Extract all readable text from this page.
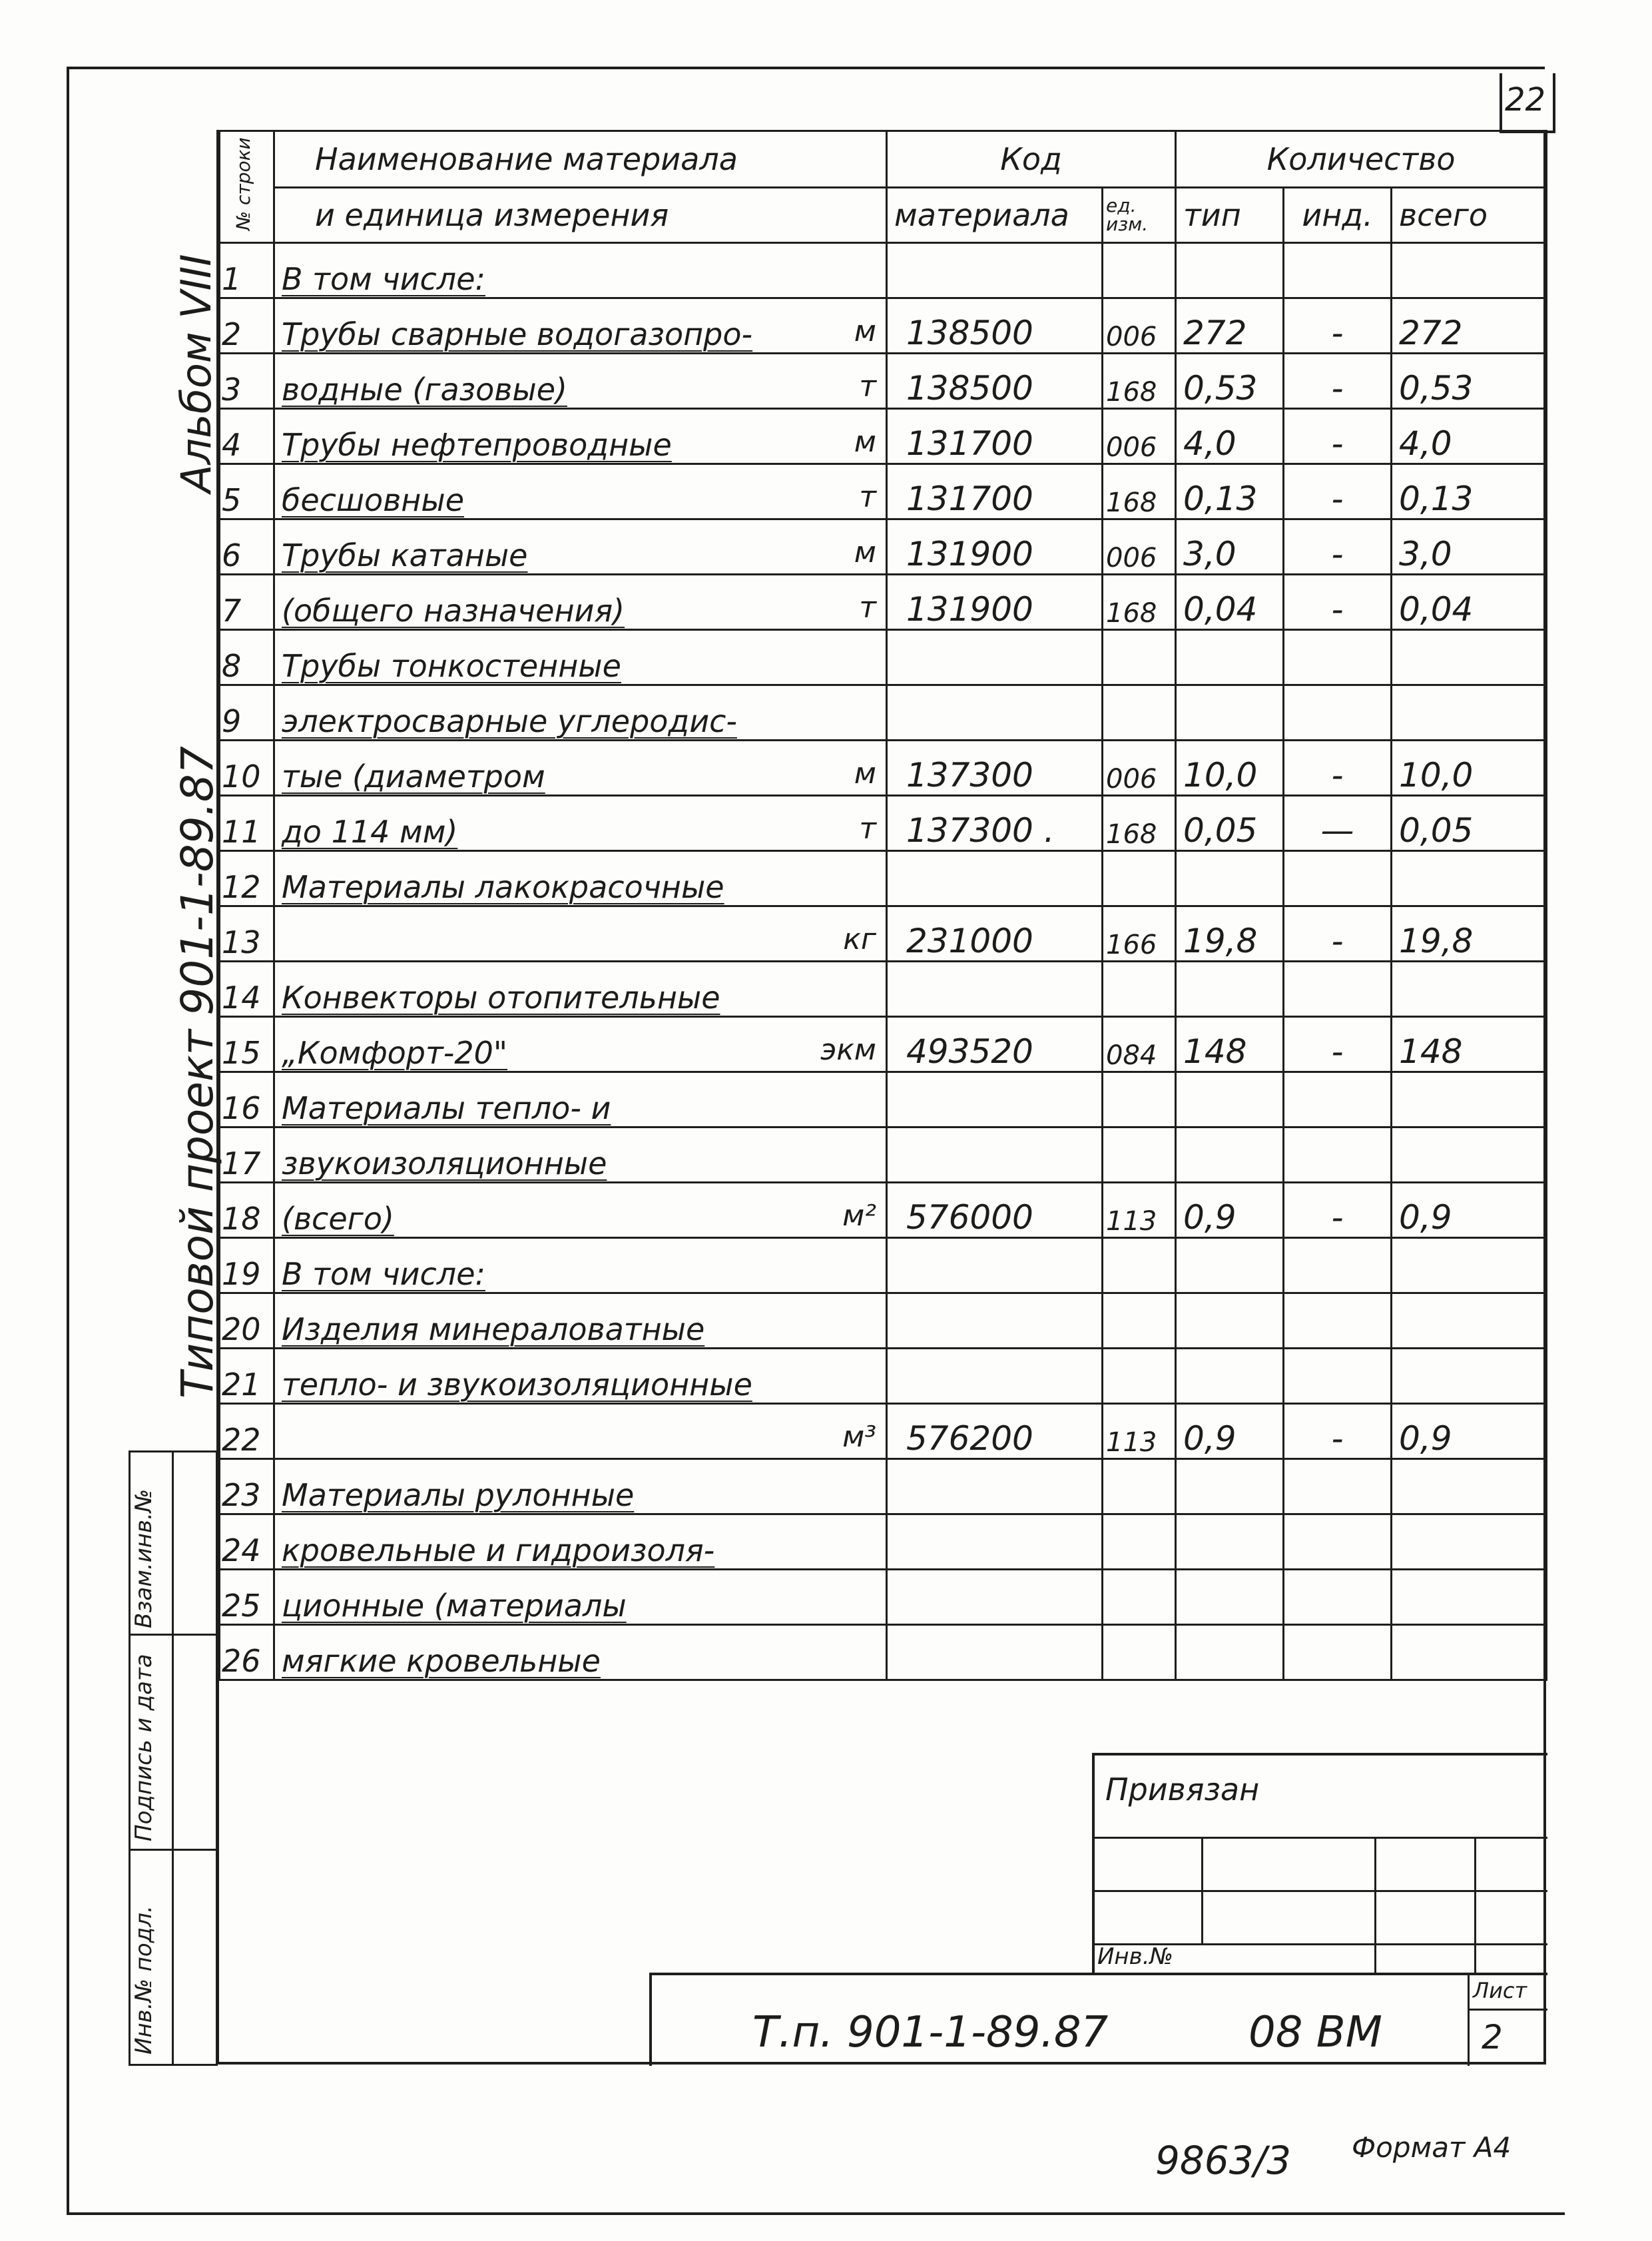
22
Альбом VIII
Типовой проект 901-1-89.87
Взам.инв.№
Подпись и дата
Инв.№ подл.
№ строки	Наименование материала	Код		Количество		
	и единица измерения	материала	ед. изм.	тип	инд.	всего
1	В том числе:

2	Трубы сварные водогазопро- м	138500	006	272	-	272
3	водные (газовые) т	138500	168	0,53	-	0,53
4	Трубы нефтепроводные м	131700	006	4,0	-	4,0
5	бесшовные т	131700	168	0,13	-	0,13
6	Трубы катаные м	131900	006	3,0	-	3,0
7	(общего назначения) т	131900	168	0,04	-	0,04
8	Трубы тонкостенные

9	электросварные углеродис-

10	тые (диаметром м	137300	006	10,0	-	10,0
11	до 114 мм) т	137300 .	168	0,05	—	0,05
12	Материалы лакокрасочные

13	кг	231000	166	19,8	-	19,8
14	Конвекторы отопительные

15	„Комфорт-20" экм	493520	084	148	-	148
16	Материалы тепло- и

17	звукоизоляционные

18	(всего) м²	576000	113	0,9	-	0,9
19	В том числе:

20	Изделия минераловатные

21	тепло- и звукоизоляционные

22	м³	576200	113	0,9	-	0,9
23	Материалы рулонные

24	кровельные и гидроизоля-

25	ционные (материалы

26	мягкие кровельные

Привязан
Инв.№
Т.п. 901-1-89.87	08 ВМ
Лист
2
9863/3 Формат А4
